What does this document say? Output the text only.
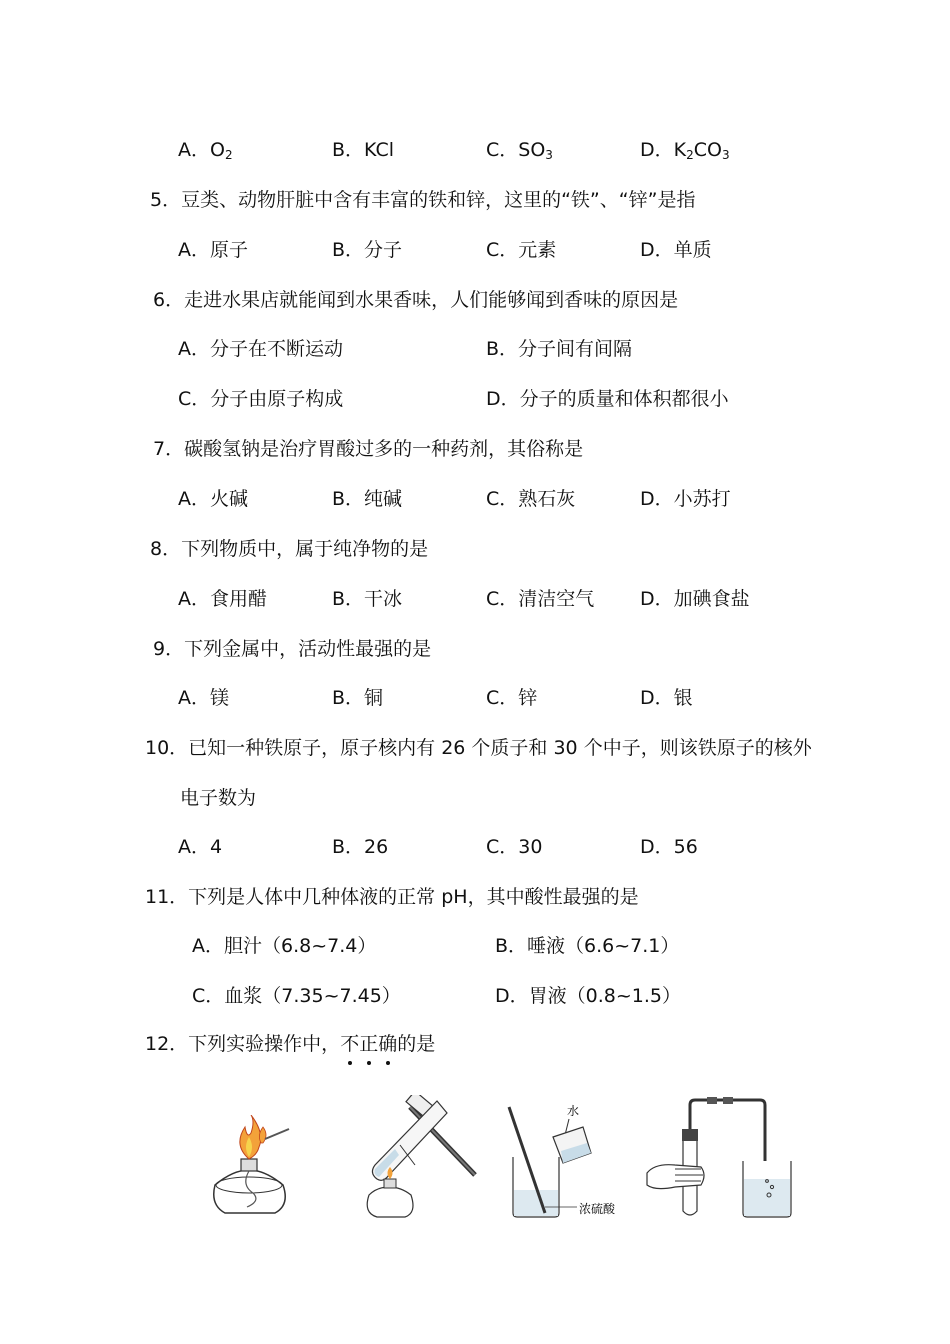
A．$O_2$	B．KCl	C．$SO_3$	D．$K_2CO_3$
5．豆类、动物肝脏中含有丰富的铁和锌，这里的“铁”、“锌”是指
A．原子	B．分子	C．元素	D．单质
6．走进水果店就能闻到水果香味，人们能够闻到香味的原因是
A．分子在不断运动	B．分子间有间隔
C．分子由原子构成	D．分子的质量和体积都很小
7．碳酸氢钠是治疗胃酸过多的一种药剂，其俗称是
A．火碱	B．纯碱	C．熟石灰	D．小苏打
8．下列物质中，属于纯净物的是
A．食用醋	B．干冰	C．清洁空气 D．加碘食盐
9．下列金属中，活动性最强的是
A．镁	B．铜	C．锌	D．银
10．已知一种铁原子，原子核内有 26 个质子和 30 个中子，则该铁原子的核外
电子数为
A．4	B．26	C．30	D．56
11．下列是人体中几种体液的正常 pH，其中酸性最强的是
A．胆汁（6.8~7.4）	B．唾液（6.6~7.1）
C．血浆（7.35~7.45）	D．胃液（0.8~1.5）
12．下列实验操作中，不
正
确
的是
水
浓硫酸
